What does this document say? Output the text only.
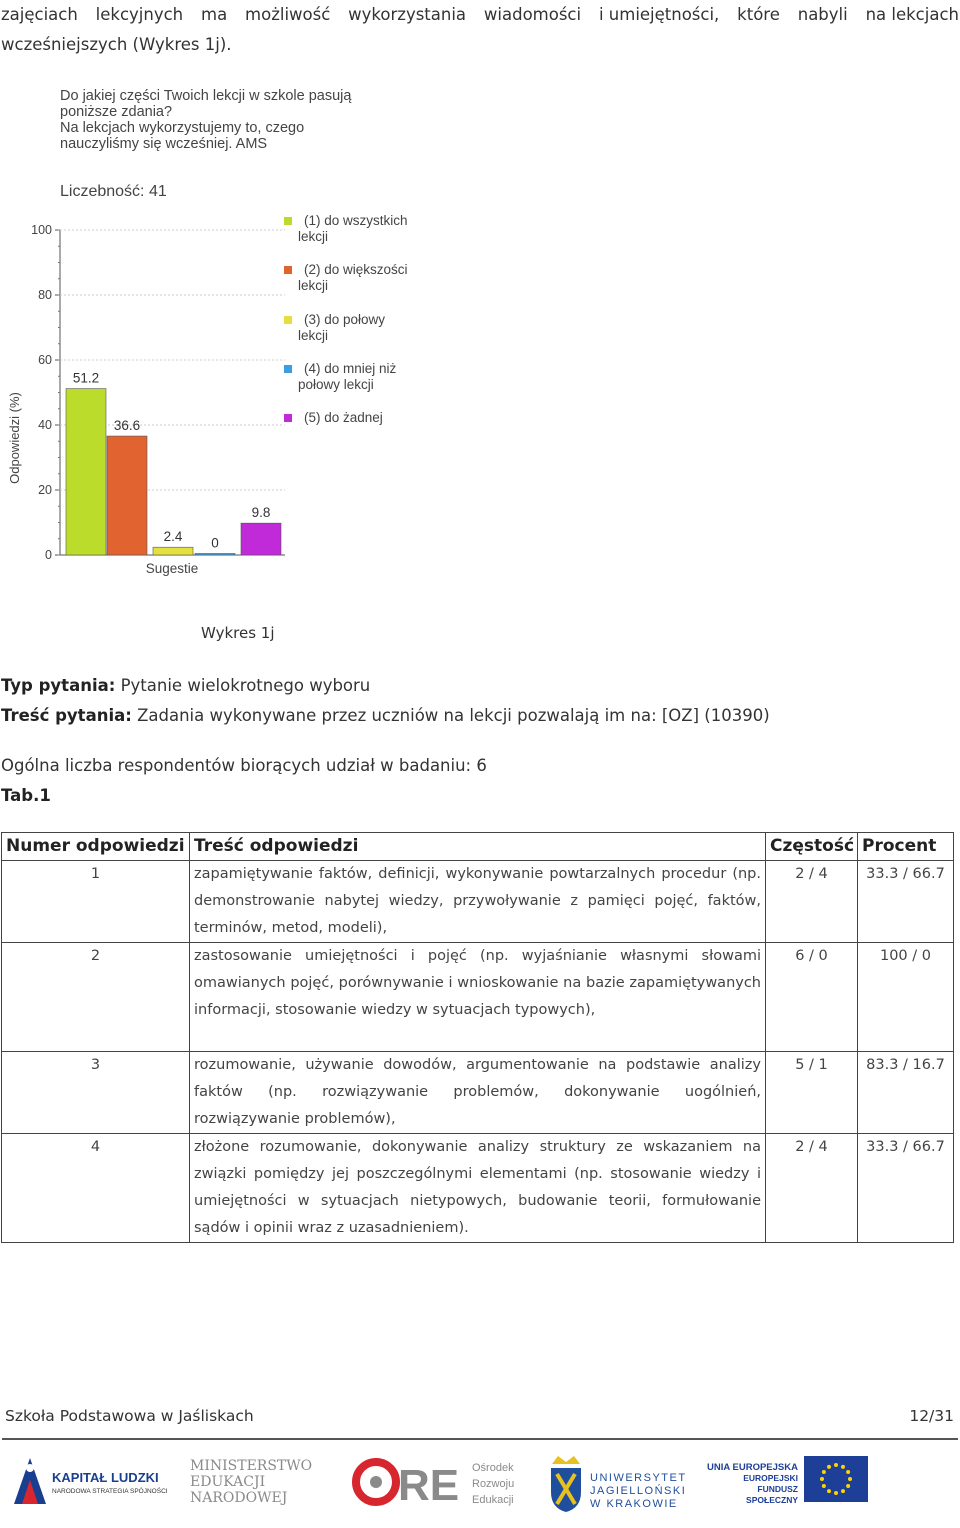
zajęciach lekcyjnych ma możliwość wykorzystania wiadomości i umiejętności, które nabyli na lekcjach
wcześniejszych (Wykres 1j).
Do jakiej części Twoich lekcji w szkole pasują
poniższe zdania?
Na lekcjach wykorzystujemy to, czego
nauczyliśmy się wcześniej. AMS
Liczebność: 41
0
20
40
60
80
100
Odpowiedzi (%)
Sugestie
51.2
36.6
2.4 0
9.8
(1) do wszystkich
lekcji
(2) do większości
lekcji
(3) do połowy
lekcji
(4) do mniej niż
połowy lekcji
(5) do żadnej
Wykres 1j
Typ pytania: Pytanie wielokrotnego wyboru
Treść pytania: Zadania wykonywane przez uczniów na lekcji pozwalają im na: [OZ] (10390)
Ogólna liczba respondentów biorących udział w badaniu: 6
Tab.1
Numer odpowiedzi	Treść odpowiedzi	Częstość	Procent
1	zapamiętywanie faktów, definicji, wykonywanie powtarzalnych procedur (np. demonstrowanie nabytej wiedzy, przywoływanie z pamięci pojęć, faktów, terminów, metod, modeli),	2 / 4	33.3 / 66.7
2	zastosowanie umiejętności i pojęć (np. wyjaśnianie własnymi słowami omawianych pojęć, porównywanie i wnioskowanie na bazie zapamiętywanych informacji, stosowanie wiedzy w sytuacjach typowych),	6 / 0	100 / 0
3	rozumowanie, używanie dowodów, argumentowanie na podstawie analizy faktów (np. rozwiązywanie problemów, dokonywanie uogólnień, rozwiązywanie problemów),	5 / 1	83.3 / 16.7
4	złożone rozumowanie, dokonywanie analizy struktury ze wskazaniem na związki pomiędzy jej poszczególnymi elementami (np. stosowanie wiedzy i umiejętności w sytuacjach nietypowych, budowanie teorii, formułowanie sądów i opinii wraz z uzasadnieniem).	2 / 4	33.3 / 66.7
Szkoła Podstawowa w Jaśliskach	12/31
KAPITAŁ LUDZKI
NARODOWA STRATEGIA SPÓJNOŚCI
MINISTERSTWO
EDUKACJI
NARODOWEJ	RE Ośrodek
Rozwoju
Edukacji
UNIWERSYTET
JAGIELLOŃSKI
W KRAKOWIE
UNIA EUROPEJSKA
EUROPEJSKI
FUNDUSZ SPOŁECZNY
